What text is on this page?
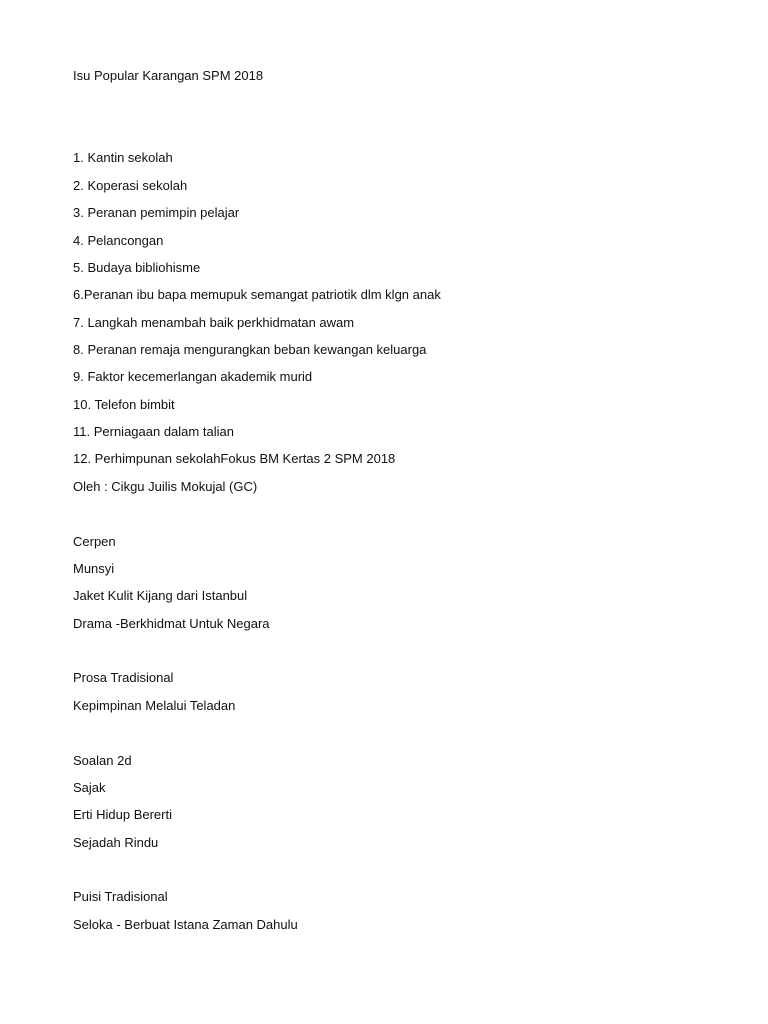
Isu Popular Karangan SPM 2018
1. Kantin sekolah
2. Koperasi sekolah
3. Peranan pemimpin pelajar
4. Pelancongan
5. Budaya bibliohisme
6.Peranan ibu bapa memupuk semangat patriotik dlm klgn anak
7. Langkah menambah baik perkhidmatan awam
8. Peranan remaja mengurangkan beban kewangan keluarga
9. Faktor kecemerlangan akademik murid
10. Telefon bimbit
11. Perniagaan dalam talian
12. Perhimpunan sekolahFokus BM Kertas 2 SPM 2018
Oleh : Cikgu Juilis Mokujal (GC)
Cerpen
Munsyi
Jaket Kulit Kijang dari Istanbul
Drama -Berkhidmat Untuk Negara
Prosa Tradisional
Kepimpinan Melalui Teladan
Soalan 2d
Sajak
Erti Hidup Bererti
Sejadah Rindu
Puisi Tradisional
Seloka - Berbuat Istana Zaman Dahulu
